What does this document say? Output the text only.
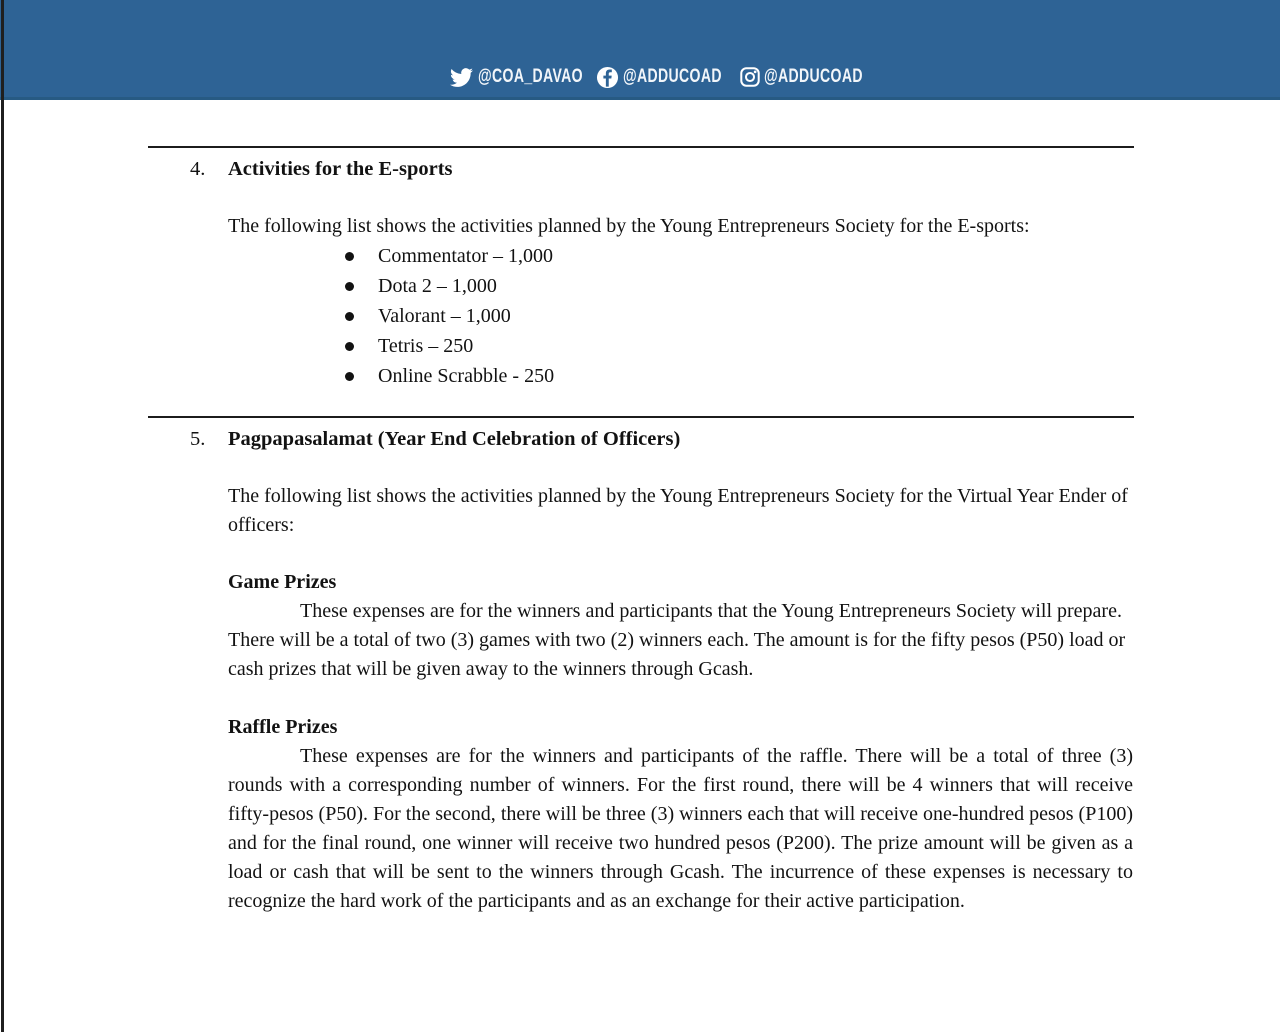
@COA_DAVAO @ADDUCOAD @ADDUCOAD
4.	Activities for the E-sports

The following list shows the activities planned by the Young Entrepreneurs Society for the E-sports:

Commentator – 1,000
Dota 2 – 1,000
Valorant – 1,000
Tetris – 250
Online Scrabble - 250
5.	Pagpapasalamat (Year End Celebration of Officers)

The following list shows the activities planned by the Young Entrepreneurs Society for the Virtual Year Ender of officers:

Game Prizes

These expenses are for the winners and participants that the Young Entrepreneurs Society will prepare. There will be a total of two (3) games with two (2) winners each. The amount is for the fifty pesos (P50) load or cash prizes that will be given away to the winners through Gcash.

Raffle Prizes

These expenses are for the winners and participants of the raffle. There will be a total of three (3) rounds with a corresponding number of winners. For the first round, there will be 4 winners that will receive fifty-pesos (P50). For the second, there will be three (3) winners each that will receive one-hundred pesos (P100) and for the final round, one winner will receive two hundred pesos (P200). The prize amount will be given as a load or cash that will be sent to the winners through Gcash. The incurrence of these expenses is necessary to recognize the hard work of the participants and as an exchange for their active participation.
